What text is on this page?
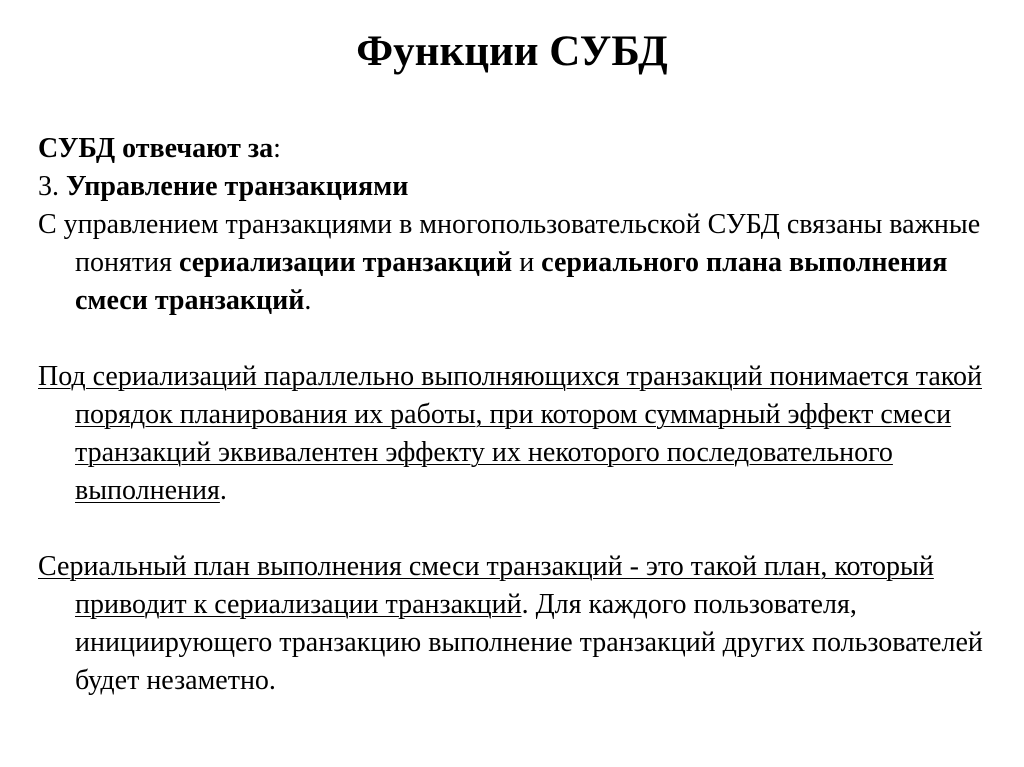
Функции СУБД

СУБД отвечают за:

3. Управление транзакциями

С управлением транзакциями в многопользовательской СУБД связаны важные понятия сериализации транзакций и сериального плана выполнения смеси транзакций.

Под сериализаций параллельно выполняющихся транзакций понимается такой порядок планирования их работы, при котором суммарный эффект смеси транзакций эквивалентен эффекту их некоторого последовательного выполнения.

Сериальный план выполнения смеси транзакций - это такой план, который приводит к сериализации транзакций. Для каждого пользователя, инициирующего транзакцию выполнение транзакций других пользователей будет незаметно.
